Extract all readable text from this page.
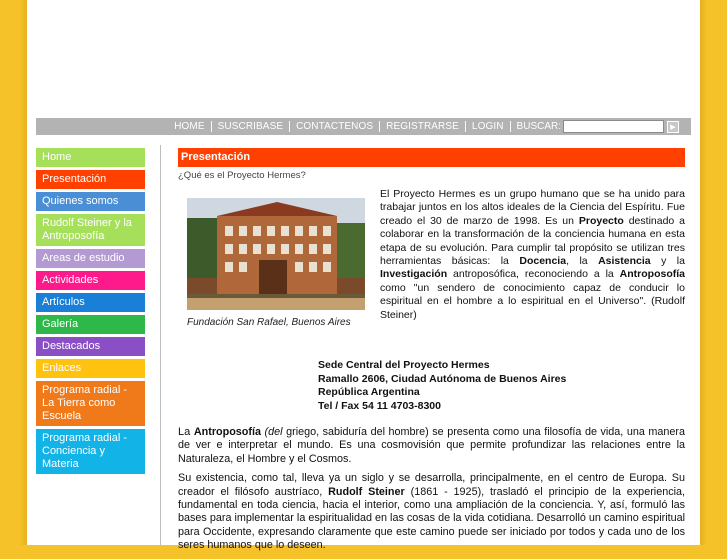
HOME	SUSCRIBASE	CONTACTENOS	REGISTRARSE	LOGIN	BUSCAR:	▶
Home
Presentación
Quienes somos
Rudolf Steiner y la Antroposofía
Areas de estudio
Actividades
Artículos
Galería
Destacados
Enlaces
Programa radial - La Tierra como Escuela
Programa radial - Conciencia y Materia
Presentación
¿Qué es el Proyecto Hermes?
Fundación San Rafael, Buenos Aires
El Proyecto Hermes es un grupo humano que se ha unido para trabajar juntos en los altos ideales de la Ciencia del Espíritu. Fue creado el 30 de marzo de 1998. Es un Proyecto destinado a colaborar en la transformación de la conciencia humana en esta etapa de su evolución. Para cumplir tal propósito se utilizan tres herramientas básicas: la Docencia, la Asistencia y la Investigación antroposófica, reconociendo a la Antroposofía como "un sendero de conocimiento capaz de conducir lo espiritual en el hombre a lo espiritual en el Universo". (Rudolf Steiner)
Sede Central del Proyecto Hermes
Ramallo 2606, Ciudad Autónoma de Buenos Aires
República Argentina
Tel / Fax 54 11 4703-8300

La Antroposofía (del griego, sabiduría del hombre) se presenta como una filosofía de vida, una manera de ver e interpretar el mundo. Es una cosmovisión que permite profundizar las relaciones entre la Naturaleza, el Hombre y el Cosmos.

Su existencia, como tal, lleva ya un siglo y se desarrolla, principalmente, en el centro de Europa. Su creador el filósofo austríaco, Rudolf Steiner (1861 - 1925), trasladó el principio de la experiencia, fundamental en toda ciencia, hacia el interior, como una ampliación de la conciencia. Y, así, formuló las bases para implementar la espiritualidad en las cosas de la vida cotidiana. Desarrolló un camino espiritual para Occidente, expresando claramente que este camino puede ser iniciado por todos y cada uno de los seres humanos que lo deseen.
